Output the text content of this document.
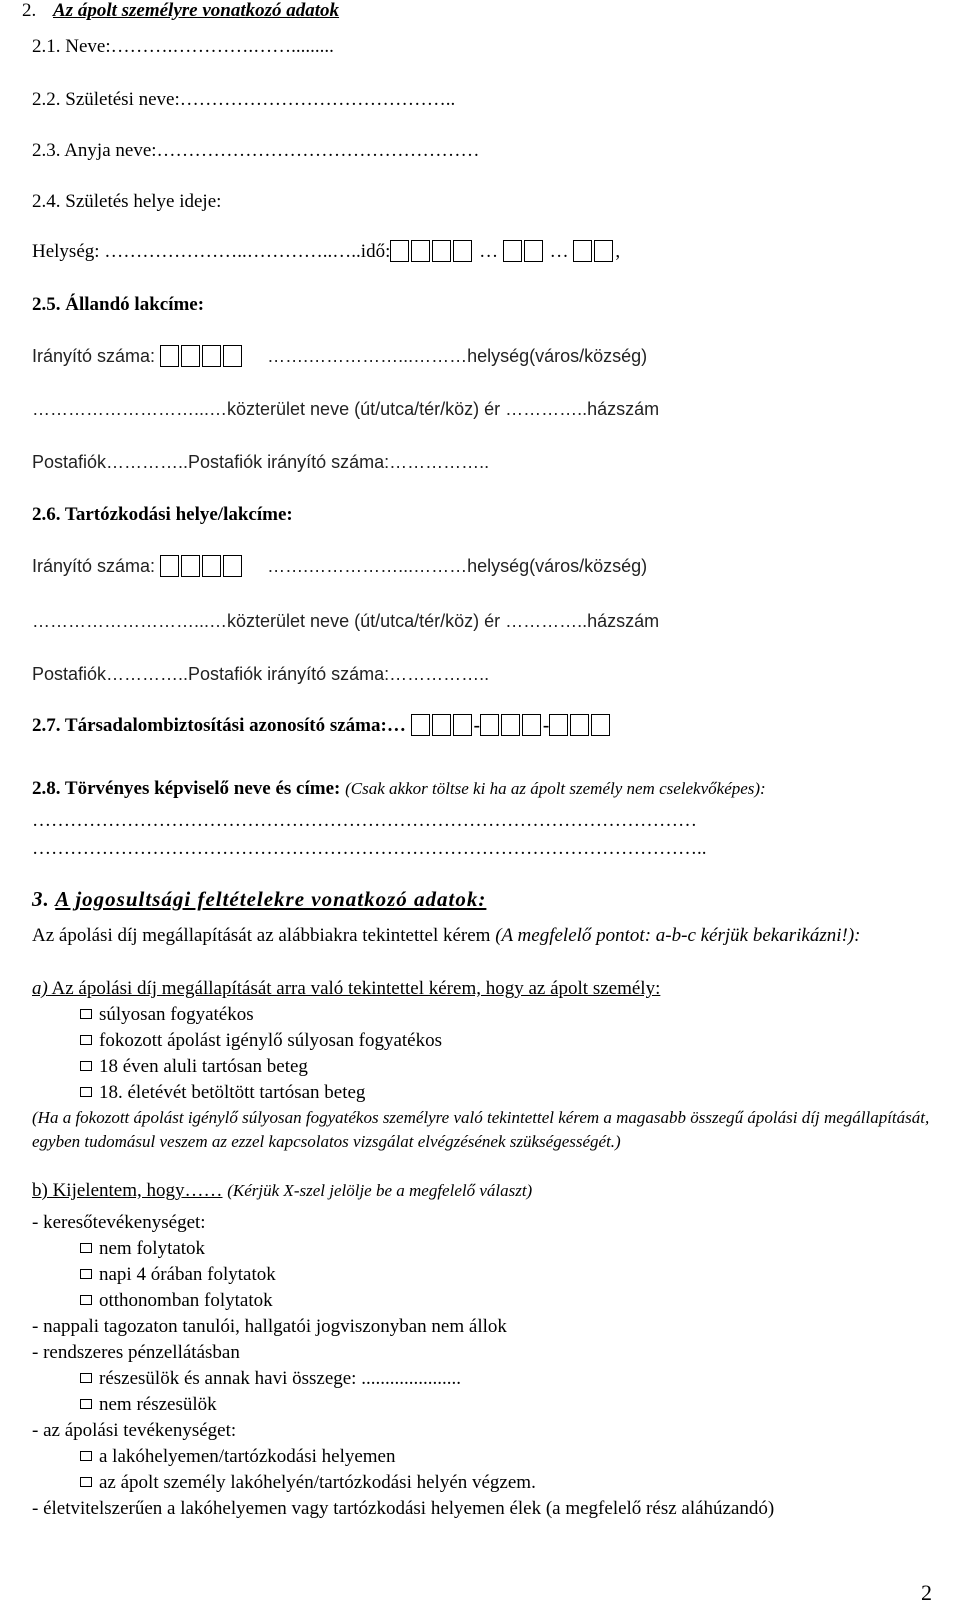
2. Az ápolt személyre vonatkozó adatok
2.1. Neve:……….………….…….........
2.2. Születési neve:……………………………………..
2.3. Anyja neve:……………………………………………
2.4. Születés helye ideje:
Helység: …………………..…………..…..idő:	…  … ,
2.5. Állandó lakcíme:
Irányító száma:	…….……………...………helység(város/község)
………………………...…közterület neve (út/utca/tér/köz) ér …………..házszám
Postafiók…………..Postafiók irányító száma:……………..
2.6. Tartózkodási helye/lakcíme:
Irányító száma:	…….……………...………helység(város/község)
………………………...…közterület neve (út/utca/tér/köz) ér …………..házszám
Postafiók…………..Postafiók irányító száma:……………..
2.7. Társadalombiztosítási azonosító száma:…	-	-
2.8. Törvényes képviselő neve és címe: (Csak akkor töltse ki ha az ápolt személy nem cselekvőképes):
……………………………………………………………………………………………
……………………………………………………………………………………………..
3. A jogosultsági feltételekre vonatkozó adatok:
Az ápolási díj megállapítását az alábbiakra tekintettel kérem (A megfelelő pontot: a-b-c kérjük bekarikázni!):
a) Az ápolási díj megállapítását arra való tekintettel kérem, hogy az ápolt személy:
súlyosan fogyatékos
fokozott ápolást igénylő súlyosan fogyatékos
18 éven aluli tartósan beteg
18. életévét betöltött tartósan beteg
(Ha a fokozott ápolást igénylő súlyosan fogyatékos személyre való tekintettel kérem a magasabb összegű ápolási díj megállapítását, egyben tudomásul veszem az ezzel kapcsolatos vizsgálat elvégzésének szükségességét.)
b) Kijelentem, hogy…… (Kérjük X-szel jelölje be a megfelelő választ)
- keresőtevékenységet:
nem folytatok
napi 4 órában folytatok
otthonomban folytatok
- nappali tagozaton tanulói, hallgatói jogviszonyban nem állok
- rendszeres pénzellátásban
részesülök és annak havi összege: .....................
nem részesülök
- az ápolási tevékenységet:
a lakóhelyemen/tartózkodási helyemen
az ápolt személy lakóhelyén/tartózkodási helyén végzem.
- életvitelszerűen a lakóhelyemen vagy tartózkodási helyemen élek (a megfelelő rész aláhúzandó)
2
